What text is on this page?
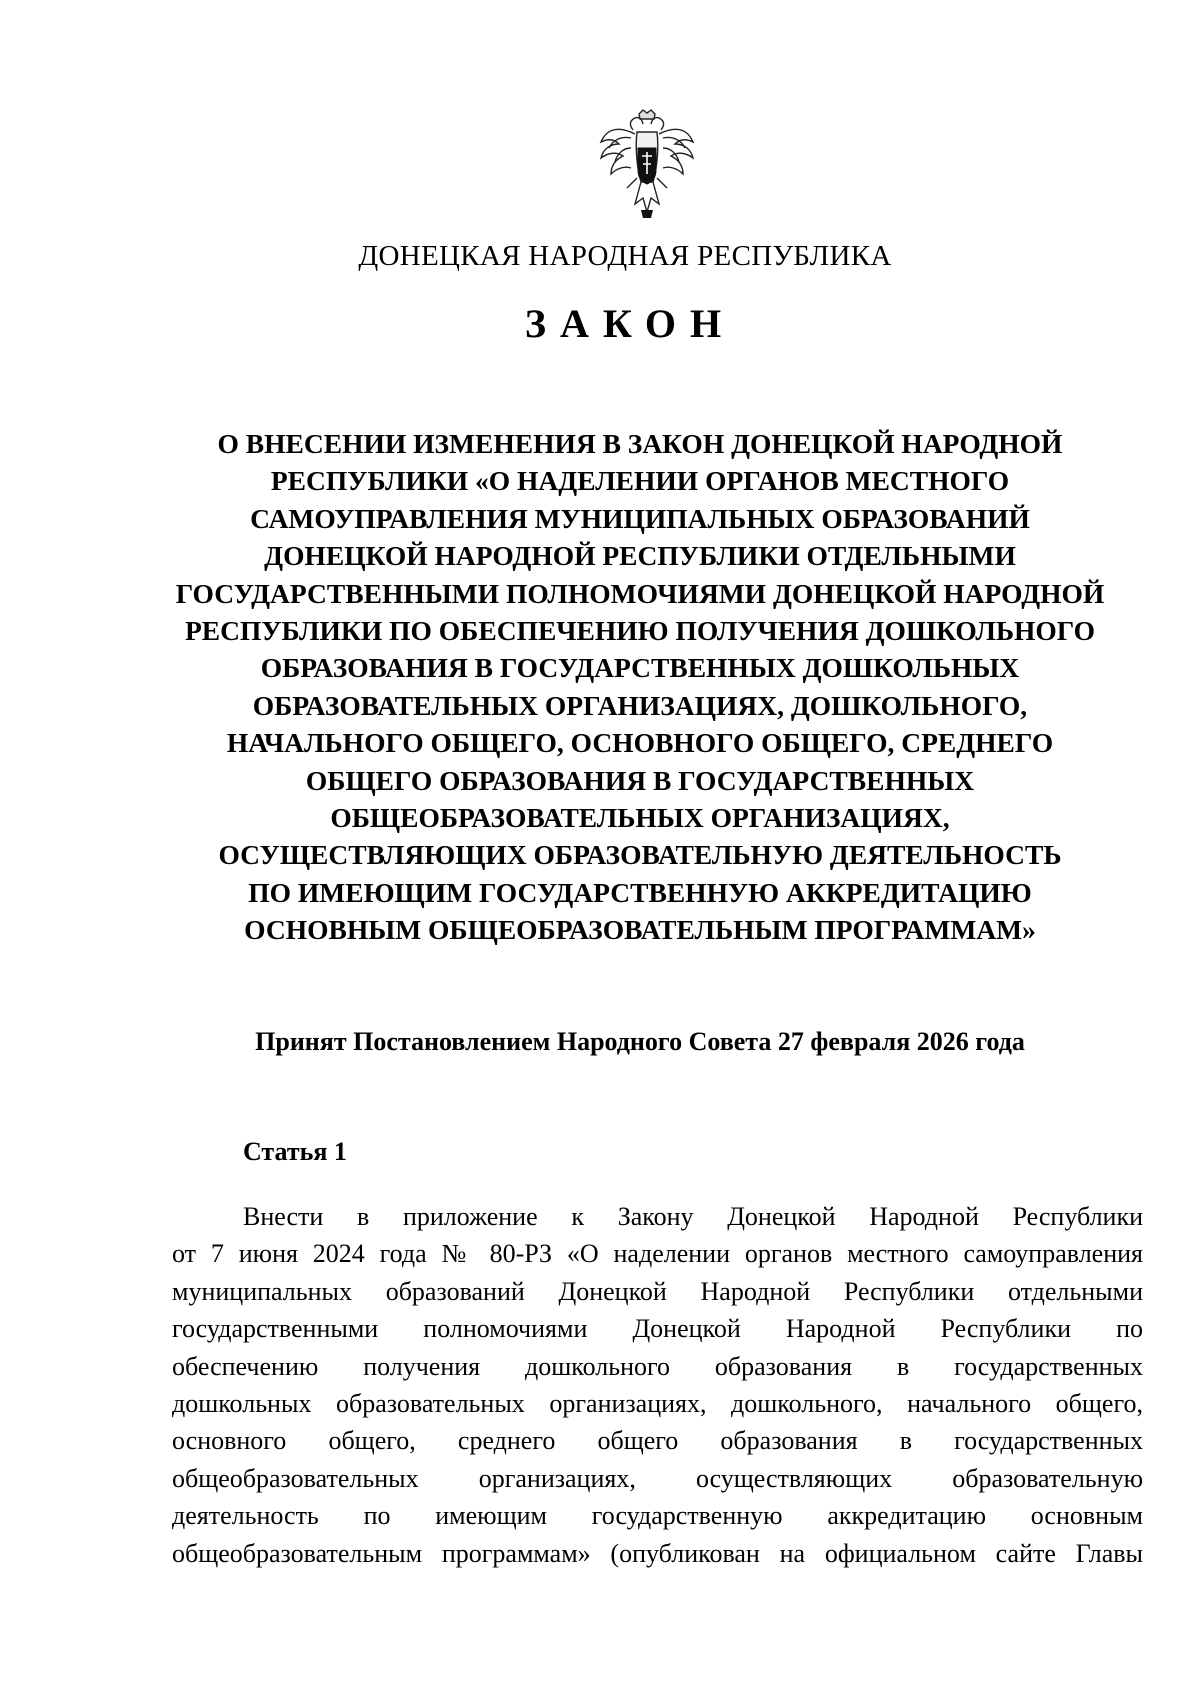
ДОНЕЦКАЯ НАРОДНАЯ РЕСПУБЛИКА
ЗАКОН
О ВНЕСЕНИИ ИЗМЕНЕНИЯ В ЗАКОН ДОНЕЦКОЙ НАРОДНОЙ
РЕСПУБЛИКИ «О НАДЕЛЕНИИ ОРГАНОВ МЕСТНОГО
САМОУПРАВЛЕНИЯ МУНИЦИПАЛЬНЫХ ОБРАЗОВАНИЙ
ДОНЕЦКОЙ НАРОДНОЙ РЕСПУБЛИКИ ОТДЕЛЬНЫМИ
ГОСУДАРСТВЕННЫМИ ПОЛНОМОЧИЯМИ ДОНЕЦКОЙ НАРОДНОЙ
РЕСПУБЛИКИ ПО ОБЕСПЕЧЕНИЮ ПОЛУЧЕНИЯ ДОШКОЛЬНОГО
ОБРАЗОВАНИЯ В ГОСУДАРСТВЕННЫХ ДОШКОЛЬНЫХ
ОБРАЗОВАТЕЛЬНЫХ ОРГАНИЗАЦИЯХ, ДОШКОЛЬНОГО,
НАЧАЛЬНОГО ОБЩЕГО, ОСНОВНОГО ОБЩЕГО, СРЕДНЕГО
ОБЩЕГО ОБРАЗОВАНИЯ В ГОСУДАРСТВЕННЫХ
ОБЩЕОБРАЗОВАТЕЛЬНЫХ ОРГАНИЗАЦИЯХ,
ОСУЩЕСТВЛЯЮЩИХ ОБРАЗОВАТЕЛЬНУЮ ДЕЯТЕЛЬНОСТЬ
ПО ИМЕЮЩИМ ГОСУДАРСТВЕННУЮ АККРЕДИТАЦИЮ
ОСНОВНЫМ ОБЩЕОБРАЗОВАТЕЛЬНЫМ ПРОГРАММАМ»
Принят Постановлением Народного Совета 27 февраля 2026 года
Статья 1
Внести в приложение к Закону Донецкой Народной Республики
от 7 июня 2024 года № 80-РЗ «О наделении органов местного самоуправления
муниципальных образований Донецкой Народной Республики отдельными
государственными полномочиями Донецкой Народной Республики по
обеспечению получения дошкольного образования в государственных
дошкольных образовательных организациях, дошкольного, начального общего,
основного общего, среднего общего образования в государственных
общеобразовательных организациях, осуществляющих образовательную
деятельность по имеющим государственную аккредитацию основным
общеобразовательным программам» (опубликован на официальном сайте Главы
